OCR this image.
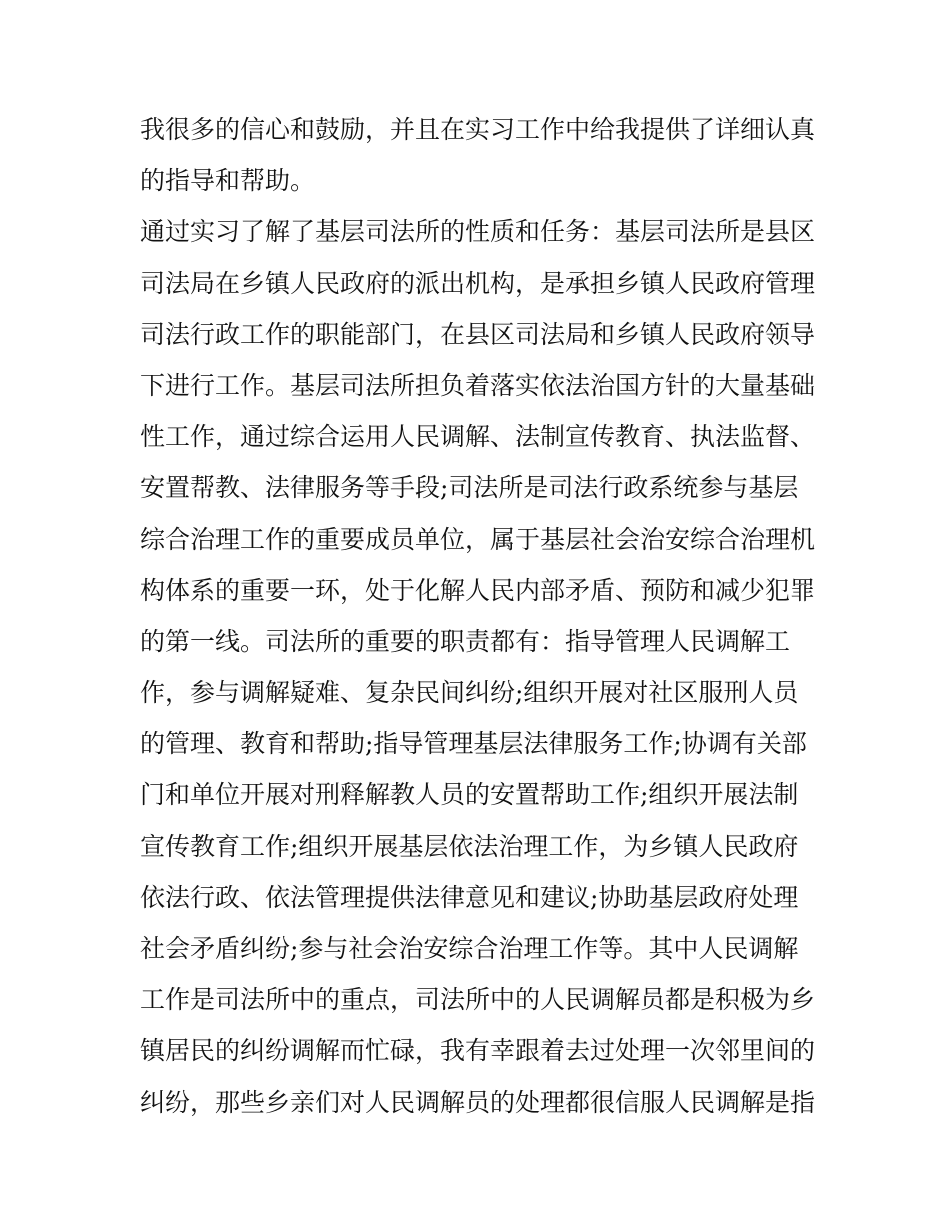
我很多的信心和鼓励，并且在实习工作中给我提供了详细认真
的指导和帮助。
通过实习了解了基层司法所的性质和任务：基层司法所是县区
司法局在乡镇人民政府的派出机构，是承担乡镇人民政府管理
司法行政工作的职能部门，在县区司法局和乡镇人民政府领导
下进行工作。基层司法所担负着落实依法治国方针的大量基础
性工作，通过综合运用人民调解、法制宣传教育、执法监督、
安置帮教、法律服务等手段;司法所是司法行政系统参与基层
综合治理工作的重要成员单位，属于基层社会治安综合治理机
构体系的重要一环，处于化解人民内部矛盾、预防和减少犯罪
的第一线。司法所的重要的职责都有：指导管理人民调解工
作，参与调解疑难、复杂民间纠纷;组织开展对社区服刑人员
的管理、教育和帮助;指导管理基层法律服务工作;协调有关部
门和单位开展对刑释解教人员的安置帮助工作;组织开展法制
宣传教育工作;组织开展基层依法治理工作，为乡镇人民政府
依法行政、依法管理提供法律意见和建议;协助基层政府处理
社会矛盾纠纷;参与社会治安综合治理工作等。其中人民调解
工作是司法所中的重点，司法所中的人民调解员都是积极为乡
镇居民的纠纷调解而忙碌，我有幸跟着去过处理一次邻里间的
纠纷，那些乡亲们对人民调解员的处理都很信服人民调解是指
